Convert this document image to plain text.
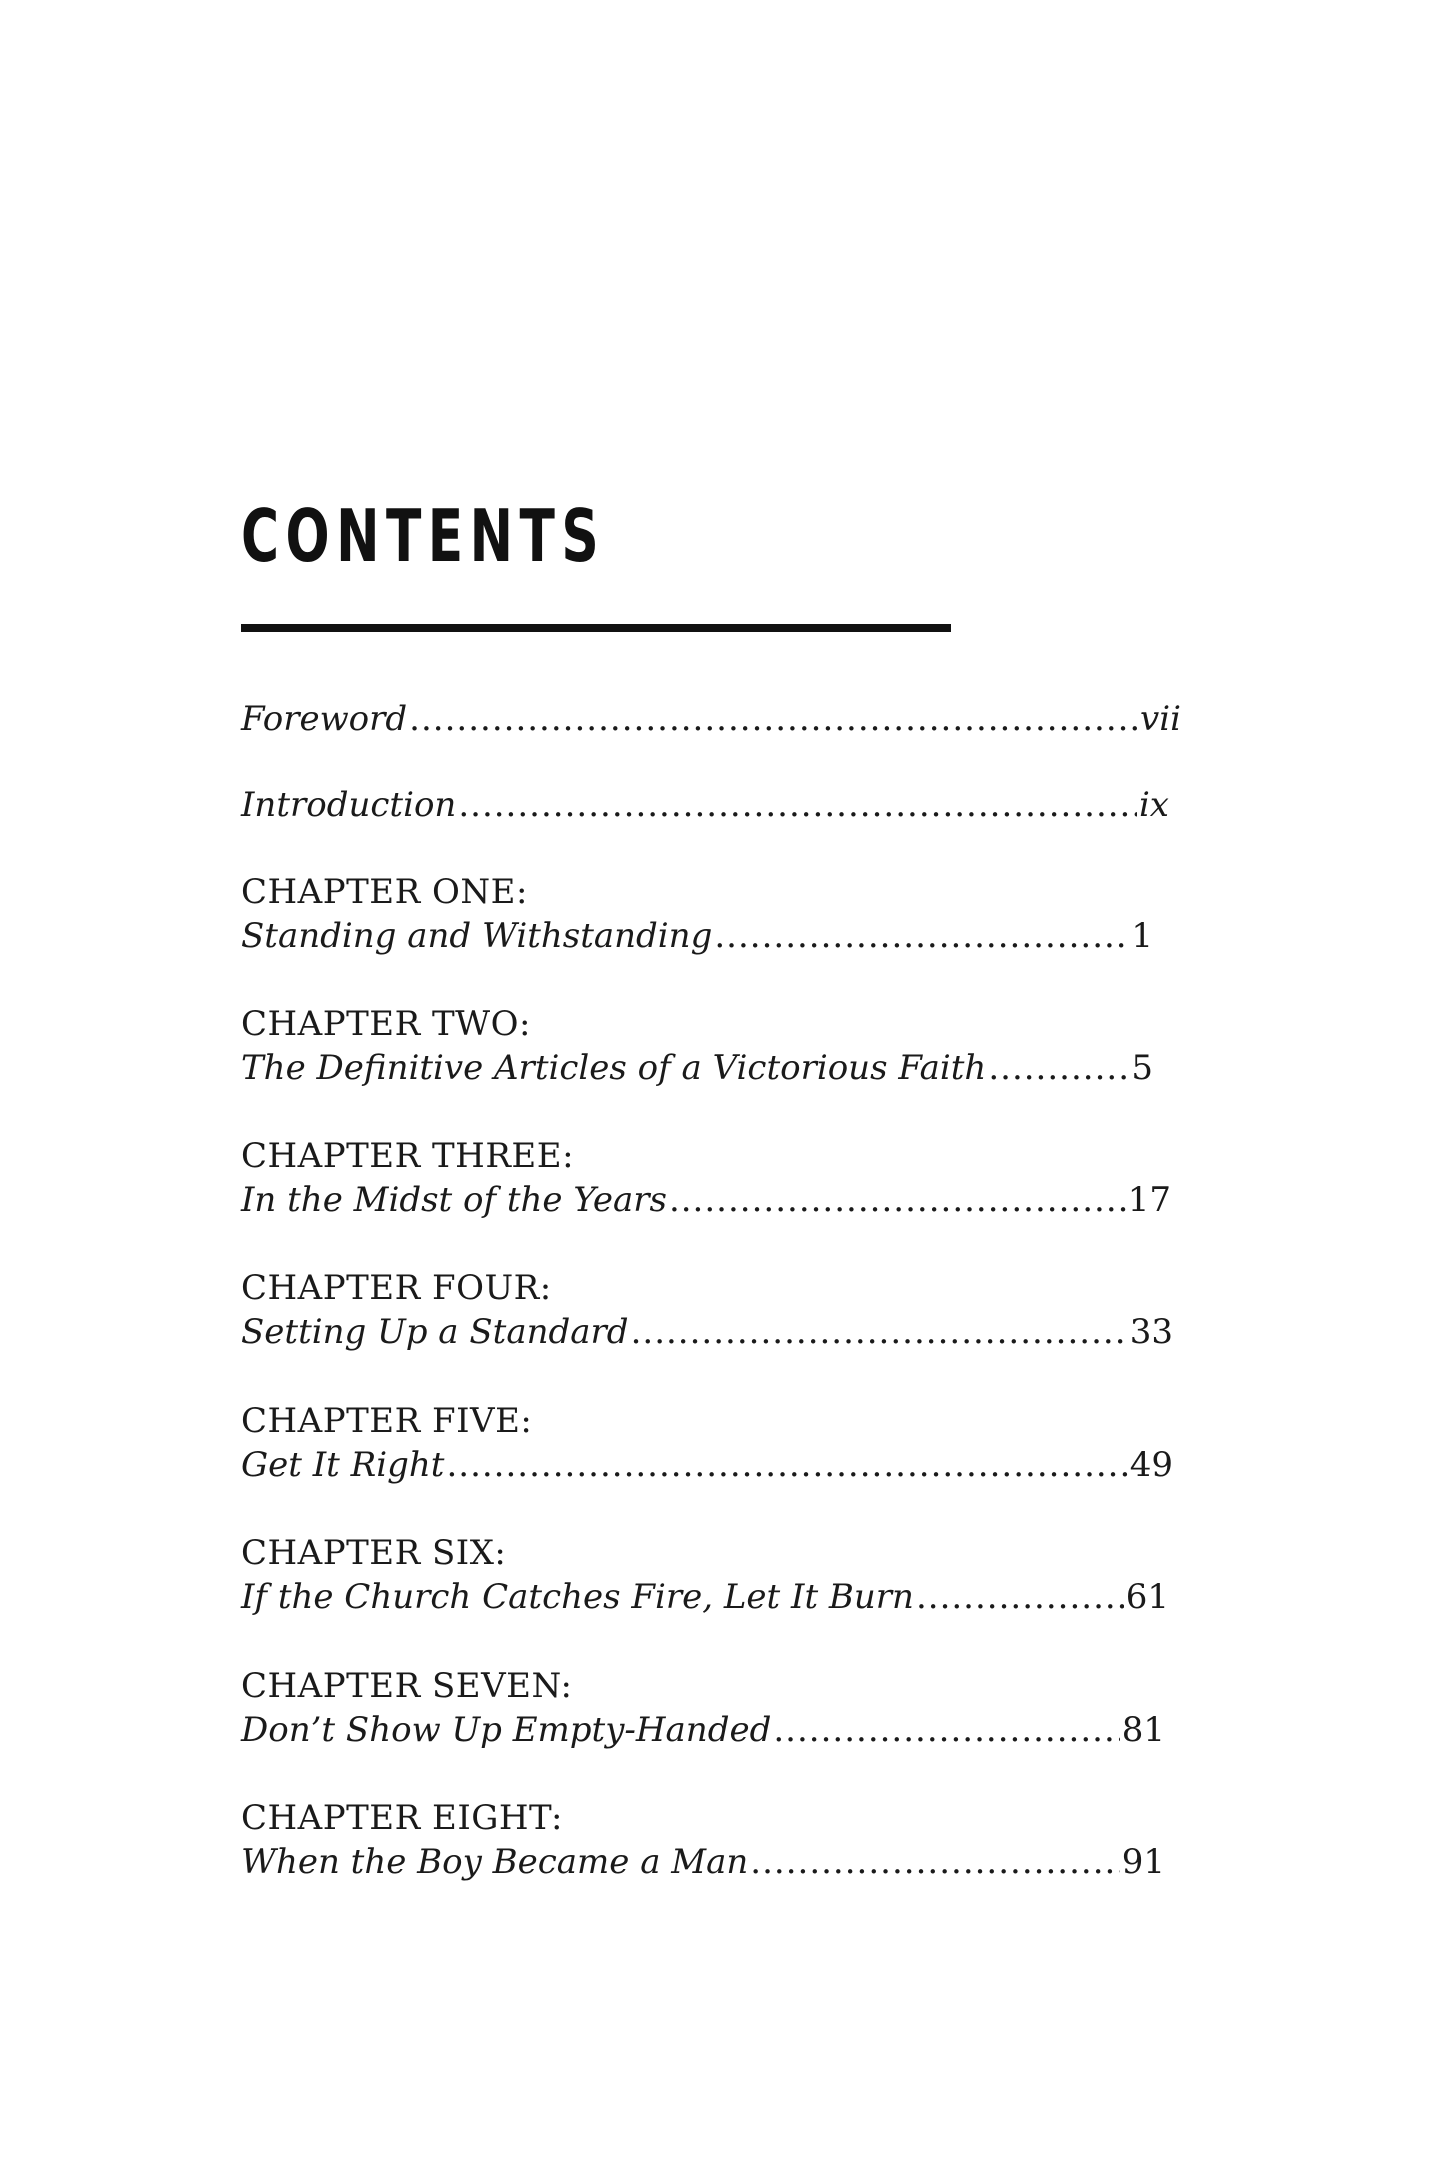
CONTENTS
Foreword .....	vii
Introduction .....	ix
CHAPTER ONE:
Standing and Withstanding .....	1
CHAPTER TWO:
The Definitive Articles of a Victorious Faith .....	5
CHAPTER THREE:
In the Midst of the Years .....	17
CHAPTER FOUR:
Setting Up a Standard .....	33
CHAPTER FIVE:
Get It Right .....	49
CHAPTER SIX:
If the Church Catches Fire, Let It Burn .....	61
CHAPTER SEVEN:
Don’t Show Up Empty-Handed .....	81
CHAPTER EIGHT:
When the Boy Became a Man .....	91
